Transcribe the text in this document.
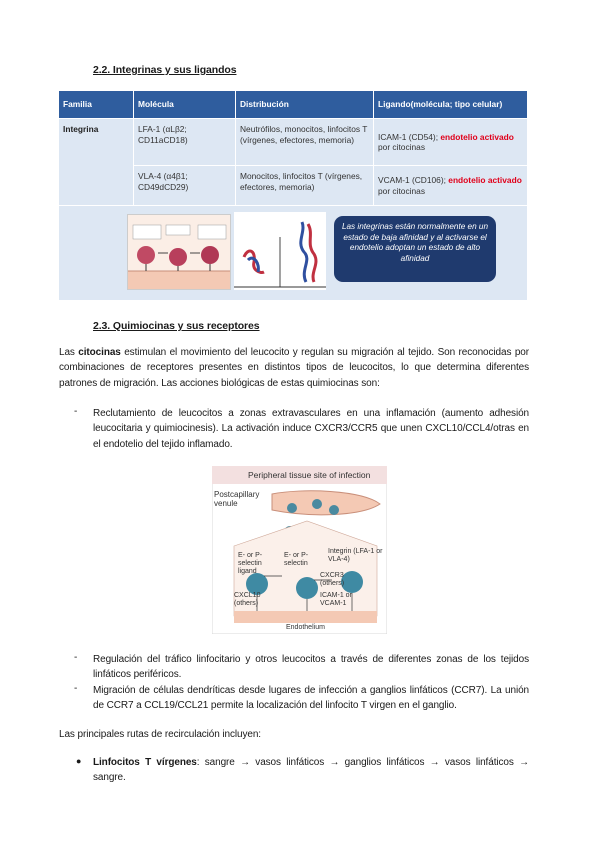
2.2. Integrinas y sus ligandos
Familia	Molécula	Distribución	Ligando(molécula; tipo celular)
Integrina	LFA-1 (αLβ2; CD11aCD18)	Neutrófilos, monocitos, linfocitos T (vírgenes, efectores, memoria)	ICAM-1 (CD54); endotelio activado por citocinas
	VLA-4 (α4β1; CD49dCD29)	Monocitos, linfocitos T (vírgenes, efectores, memoria)	VCAM-1 (CD106); endotelio activado por citocinas

Las integrinas están normalmente en un estado de baja afinidad y al activarse el endotelio adoptan un estado de alto afinidad			
2.3. Quimiocinas y sus receptores
Las citocinas estimulan el movimiento del leucocito y regulan su migración al tejido. Son reconocidas por combinaciones de receptores presentes en distintos tipos de leucocitos, lo que determina diferentes patrones de migración. Las acciones biológicas de estas quimiocinas son:
- Reclutamiento de leucocitos a zonas extravasculares en una inflamación (aumento adhesión leucocitaria y quimiocinesis). La activación induce CXCR3/CCR5 que unen CXCL10/CCL4/otras en el endotelio del tejido inflamado.
Peripheral tissue site of infection
Postcapillary venule
E- or P-selectin ligand
E- or P-selectin
Integrin (LFA-1 or VLA-4)
CXCR3 (others)
CXCL10 (others)
ICAM-1 or VCAM-1
Endothelium
- Regulación del tráfico linfocitario y otros leucocitos a través de diferentes zonas de los tejidos linfáticos periféricos.
- Migración de células dendríticas desde lugares de infección a ganglios linfáticos (CCR7). La unión de CCR7 a CCL19/CCL21 permite la localización del linfocito T virgen en el ganglio.
Las principales rutas de recirculación incluyen:
● Linfocitos T vírgenes: sangre → vasos linfáticos → ganglios linfáticos → vasos linfáticos → sangre.
